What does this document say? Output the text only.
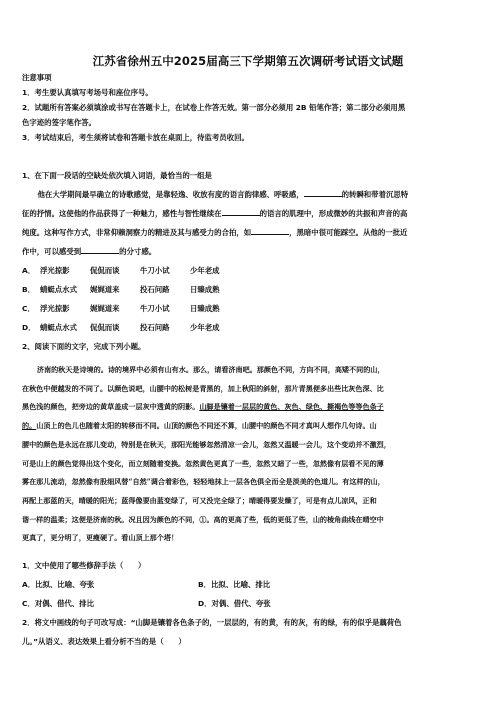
江苏省徐州五中2025届高三下学期第五次调研考试语文试题
注意事项
1．考生要认真填写考场号和座位序号。
2．试题所有答案必须填涂或书写在答题卡上，在试卷上作答无效。第一部分必须用 2B 铅笔作答；第二部分必须用黑
色字迹的签字笔作答。
3．考试结束后，考生须将试卷和答题卡放在桌面上，待监考员收回。
1、在下面一段话的空缺处依次填入词语，最恰当的一组是
他在大学期间最早确立的诗歌感觉，是靠轻逸、收放有度的语言韵律感、呼吸感，	的转瞬和带着沉思特
征的抒情。这使他的作品获得了一种魅力，感性与智性继续在	的语言的肌理中，形成微妙的共振和声音的高
纯度。这种写作方式，非常仰赖洞察力的精进及其与感受力的合拍，如	，黑暗中很可能踩空。从他的一批近
作中，可以感受到	的分寸感。
A． 浮光掠影	侃侃而谈	牛刀小试	少年老成
B． 蜻蜓点水式	娓娓道来	投石问路	日臻成熟
C． 浮光掠影	娓娓道来	牛刀小试	日臻成熟
D． 蜻蜓点水式	侃侃而谈	投石问路	少年老成
2、阅读下面的文字，完成下列小题。
济南的秋天是诗境的。诗的境界中必须有山有水。那么，请看济南吧。那颜色不同，方向不同，高矮不同的山，
在秋色中便越发的不同了。以颜色说吧，山腰中的松树是青黑的，加上秋阳的斜射，那片青黑便多出些比灰色深、比
黑色浅的颜色，把旁边的黄草盖成一层灰中透黄的阴影。山脚是镶着一层层的黄色、灰色、绿色、撕褐色等等色条子
的。山顶上的色儿也随着太阳的转移而不同。山顶的颜色不同还不算，山腰中的颜色不同才真叫人想作几句诗。山
腰中的颜色是永远在那儿变动，特别是在秋天，那阳光能够忽然清凉一会儿，忽然又温暖一会儿，这个变动并不激烈，
可是山上的颜色觉得出这个变化，而立刻随着变换。忽然黄色更真了一些，忽然又暗了一些，忽然像有层看不见的薄
雾在那儿流动，忽然像有股细风替“自然”调合着彩色，轻轻地抹上一层各色俱全而全是淡美的色道儿。有这样的山，
再配上那蓝的天，晴暖的阳光；蓝得像要由蓝变绿了，可又没完全绿了；晴暖得要发燥了，可是有点儿凉风，正和
谐一样的温柔；这便是济南的秋。况且因为颜色的不同，①。高的更高了些，低的更低了些，山的棱角曲线在晴空中
更真了，更分明了，更瘦硬了。看山顶上那个塔！
1．文中使用了哪些修辞手法（　　）
A．比拟、比喻、夸张	B．比拟、比喻、排比
C．对偶、借代、排比	D．对偶、借代、夸张
2．将文中画线的句子可改写成：“山脚是镶着各色条子的，一层层的，有的黄，有的灰，有的绿，有的似乎是藕荷色
儿。”从语义、表达效果上看分析不当的是（　　）
